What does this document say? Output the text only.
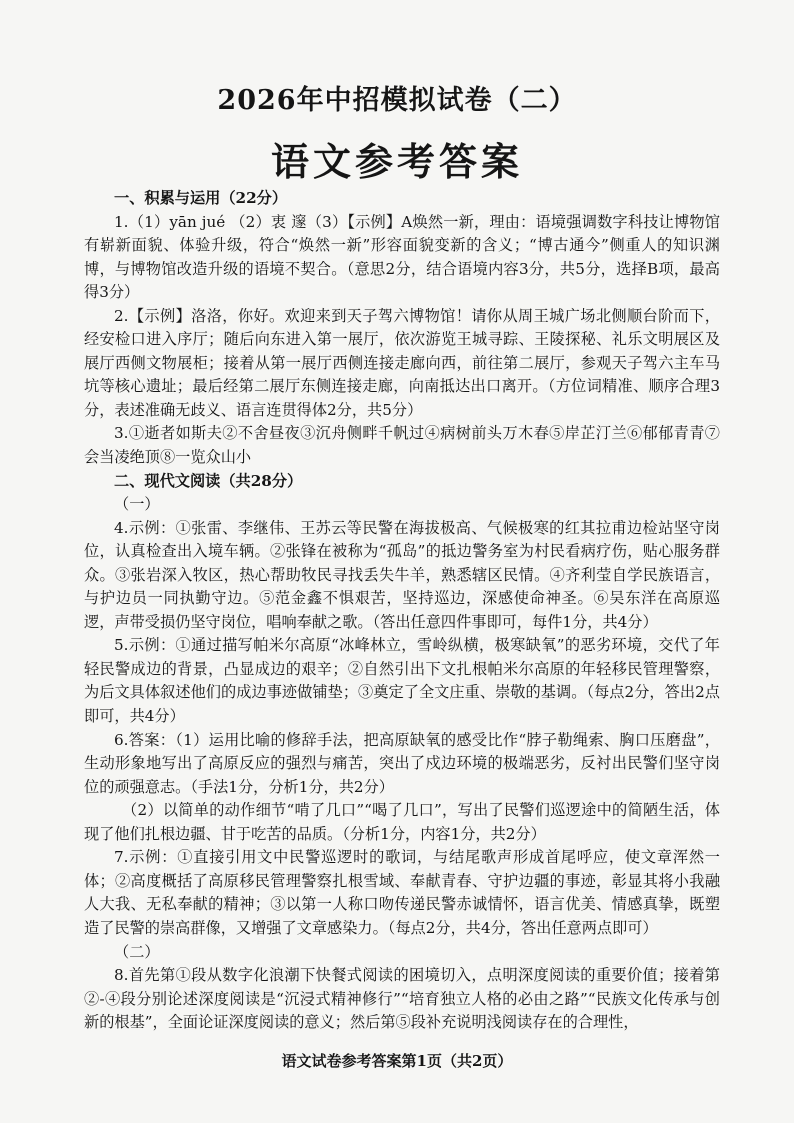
2026年中招模拟试卷（二）
语文参考答案

一、积累与运用（22分）

1.（1）yān jué （2）衷 邃（3）【示例】A焕然一新，理由：语境强调数字科技让博物馆有崭新面貌、体验升级，符合“焕然一新”形容面貌变新的含义；“博古通今”侧重人的知识渊博，与博物馆改造升级的语境不契合。（意思2分，结合语境内容3分，共5分，选择B项，最高得3分）

2.【示例】洛洛，你好。欢迎来到天子驾六博物馆！请你从周王城广场北侧顺台阶而下，经安检口进入序厅；随后向东进入第一展厅，依次游览王城寻踪、王陵探秘、礼乐文明展区及展厅西侧文物展柜；接着从第一展厅西侧连接走廊向西，前往第二展厅，参观天子驾六主车马坑等核心遗址；最后经第二展厅东侧连接走廊，向南抵达出口离开。（方位词精准、顺序合理3分，表述准确无歧义、语言连贯得体2分，共5分）

3.①逝者如斯夫②不舍昼夜③沉舟侧畔千帆过④病树前头万木春⑤岸芷汀兰⑥郁郁青青⑦会当凌绝顶⑧一览众山小

二、现代文阅读（共28分）

（一）

4.示例：①张雷、李继伟、王苏云等民警在海拔极高、气候极寒的红其拉甫边检站坚守岗位，认真检查出入境车辆。②张锋在被称为“孤岛”的抵边警务室为村民看病疗伤，贴心服务群众。③张岩深入牧区，热心帮助牧民寻找丢失牛羊，熟悉辖区民情。④齐利莹自学民族语言，与护边员一同执勤守边。⑤范金鑫不惧艰苦，坚持巡边，深感使命神圣。⑥吴东洋在高原巡逻，声带受损仍坚守岗位，唱响奉献之歌。（答出任意四件事即可，每件1分，共4分）

5.示例：①通过描写帕米尔高原“冰峰林立，雪岭纵横，极寒缺氧”的恶劣环境，交代了年轻民警成边的背景，凸显成边的艰辛；②自然引出下文扎根帕米尔高原的年轻移民管理警察，为后文具体叙述他们的成边事迹做铺垫；③奠定了全文庄重、崇敬的基调。（每点2分，答出2点即可，共4分）

6.答案：（1）运用比喻的修辞手法，把高原缺氧的感受比作“脖子勒绳索、胸口压磨盘”，生动形象地写出了高原反应的强烈与痛苦，突出了戍边环境的极端恶劣，反衬出民警们坚守岗位的顽强意志。（手法1分，分析1分，共2分）

（2）以简单的动作细节“啃了几口”“喝了几口”，写出了民警们巡逻途中的简陋生活，体现了他们扎根边疆、甘于吃苦的品质。（分析1分，内容1分，共2分）

7.示例：①直接引用文中民警巡逻时的歌词，与结尾歌声形成首尾呼应，使文章浑然一体；②高度概括了高原移民管理警察扎根雪域、奉献青春、守护边疆的事迹，彰显其将小我融人大我、无私奉献的精神；③以第一人称口吻传递民警赤诚情怀，语言优美、情感真挚，既塑造了民警的崇高群像，又增强了文章感染力。（每点2分，共4分，答出任意两点即可）

（二）

8.首先第①段从数字化浪潮下快餐式阅读的困境切入，点明深度阅读的重要价值；接着第②-④段分别论述深度阅读是“沉浸式精神修行”“培育独立人格的必由之路”“民族文化传承与创新的根基”，全面论证深度阅读的意义；然后第⑤段补充说明浅阅读存在的合理性，

语文试卷参考答案第1页（共2页）
